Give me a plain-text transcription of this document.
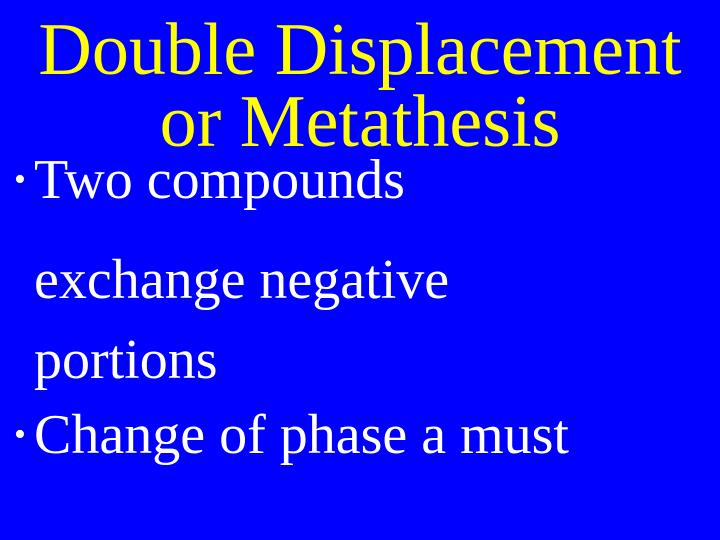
Double Displacement
or Metathesis
• Two compounds
exchange negative
portions
• Change of phase a must
